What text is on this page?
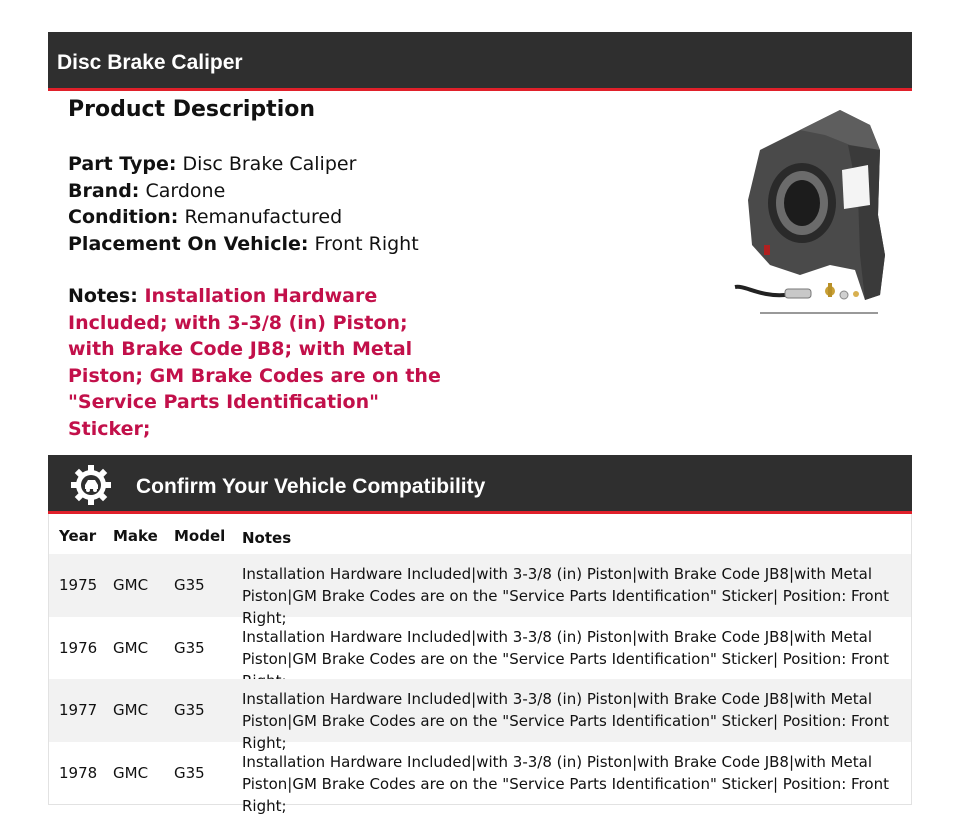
Disc Brake Caliper
Product Description
Part Type: Disc Brake Caliper
Brand: Cardone
Condition: Remanufactured
Placement On Vehicle: Front Right
Notes: Installation Hardware Included; with 3-3/8 (in) Piston; with Brake Code JB8; with Metal Piston; GM Brake Codes are on the "Service Parts Identification" Sticker;
Confirm Your Vehicle Compatibility
Year Make Model Notes
1975 GMC G35
Installation Hardware Included|with 3-3/8 (in) Piston|with Brake Code JB8|with Metal Piston|GM Brake Codes are on the "Service Parts Identification" Sticker| Position: Front Right;
1976 GMC G35
Installation Hardware Included|with 3-3/8 (in) Piston|with Brake Code JB8|with Metal Piston|GM Brake Codes are on the "Service Parts Identification" Sticker| Position: Front
1977 GMC G35
Installation Hardware Included|with 3-3/8 (in) Piston|with Brake Code JB8|with Metal Piston|GM Brake Codes are on the "Service Parts Identification" Sticker| Position: Front Right;
1978 GMC G35
Installation Hardware Included|with 3-3/8 (in) Piston|with Brake Code JB8|with Metal Piston|GM Brake Codes are on the "Service Parts Identification" Sticker| Position: Front Right;
